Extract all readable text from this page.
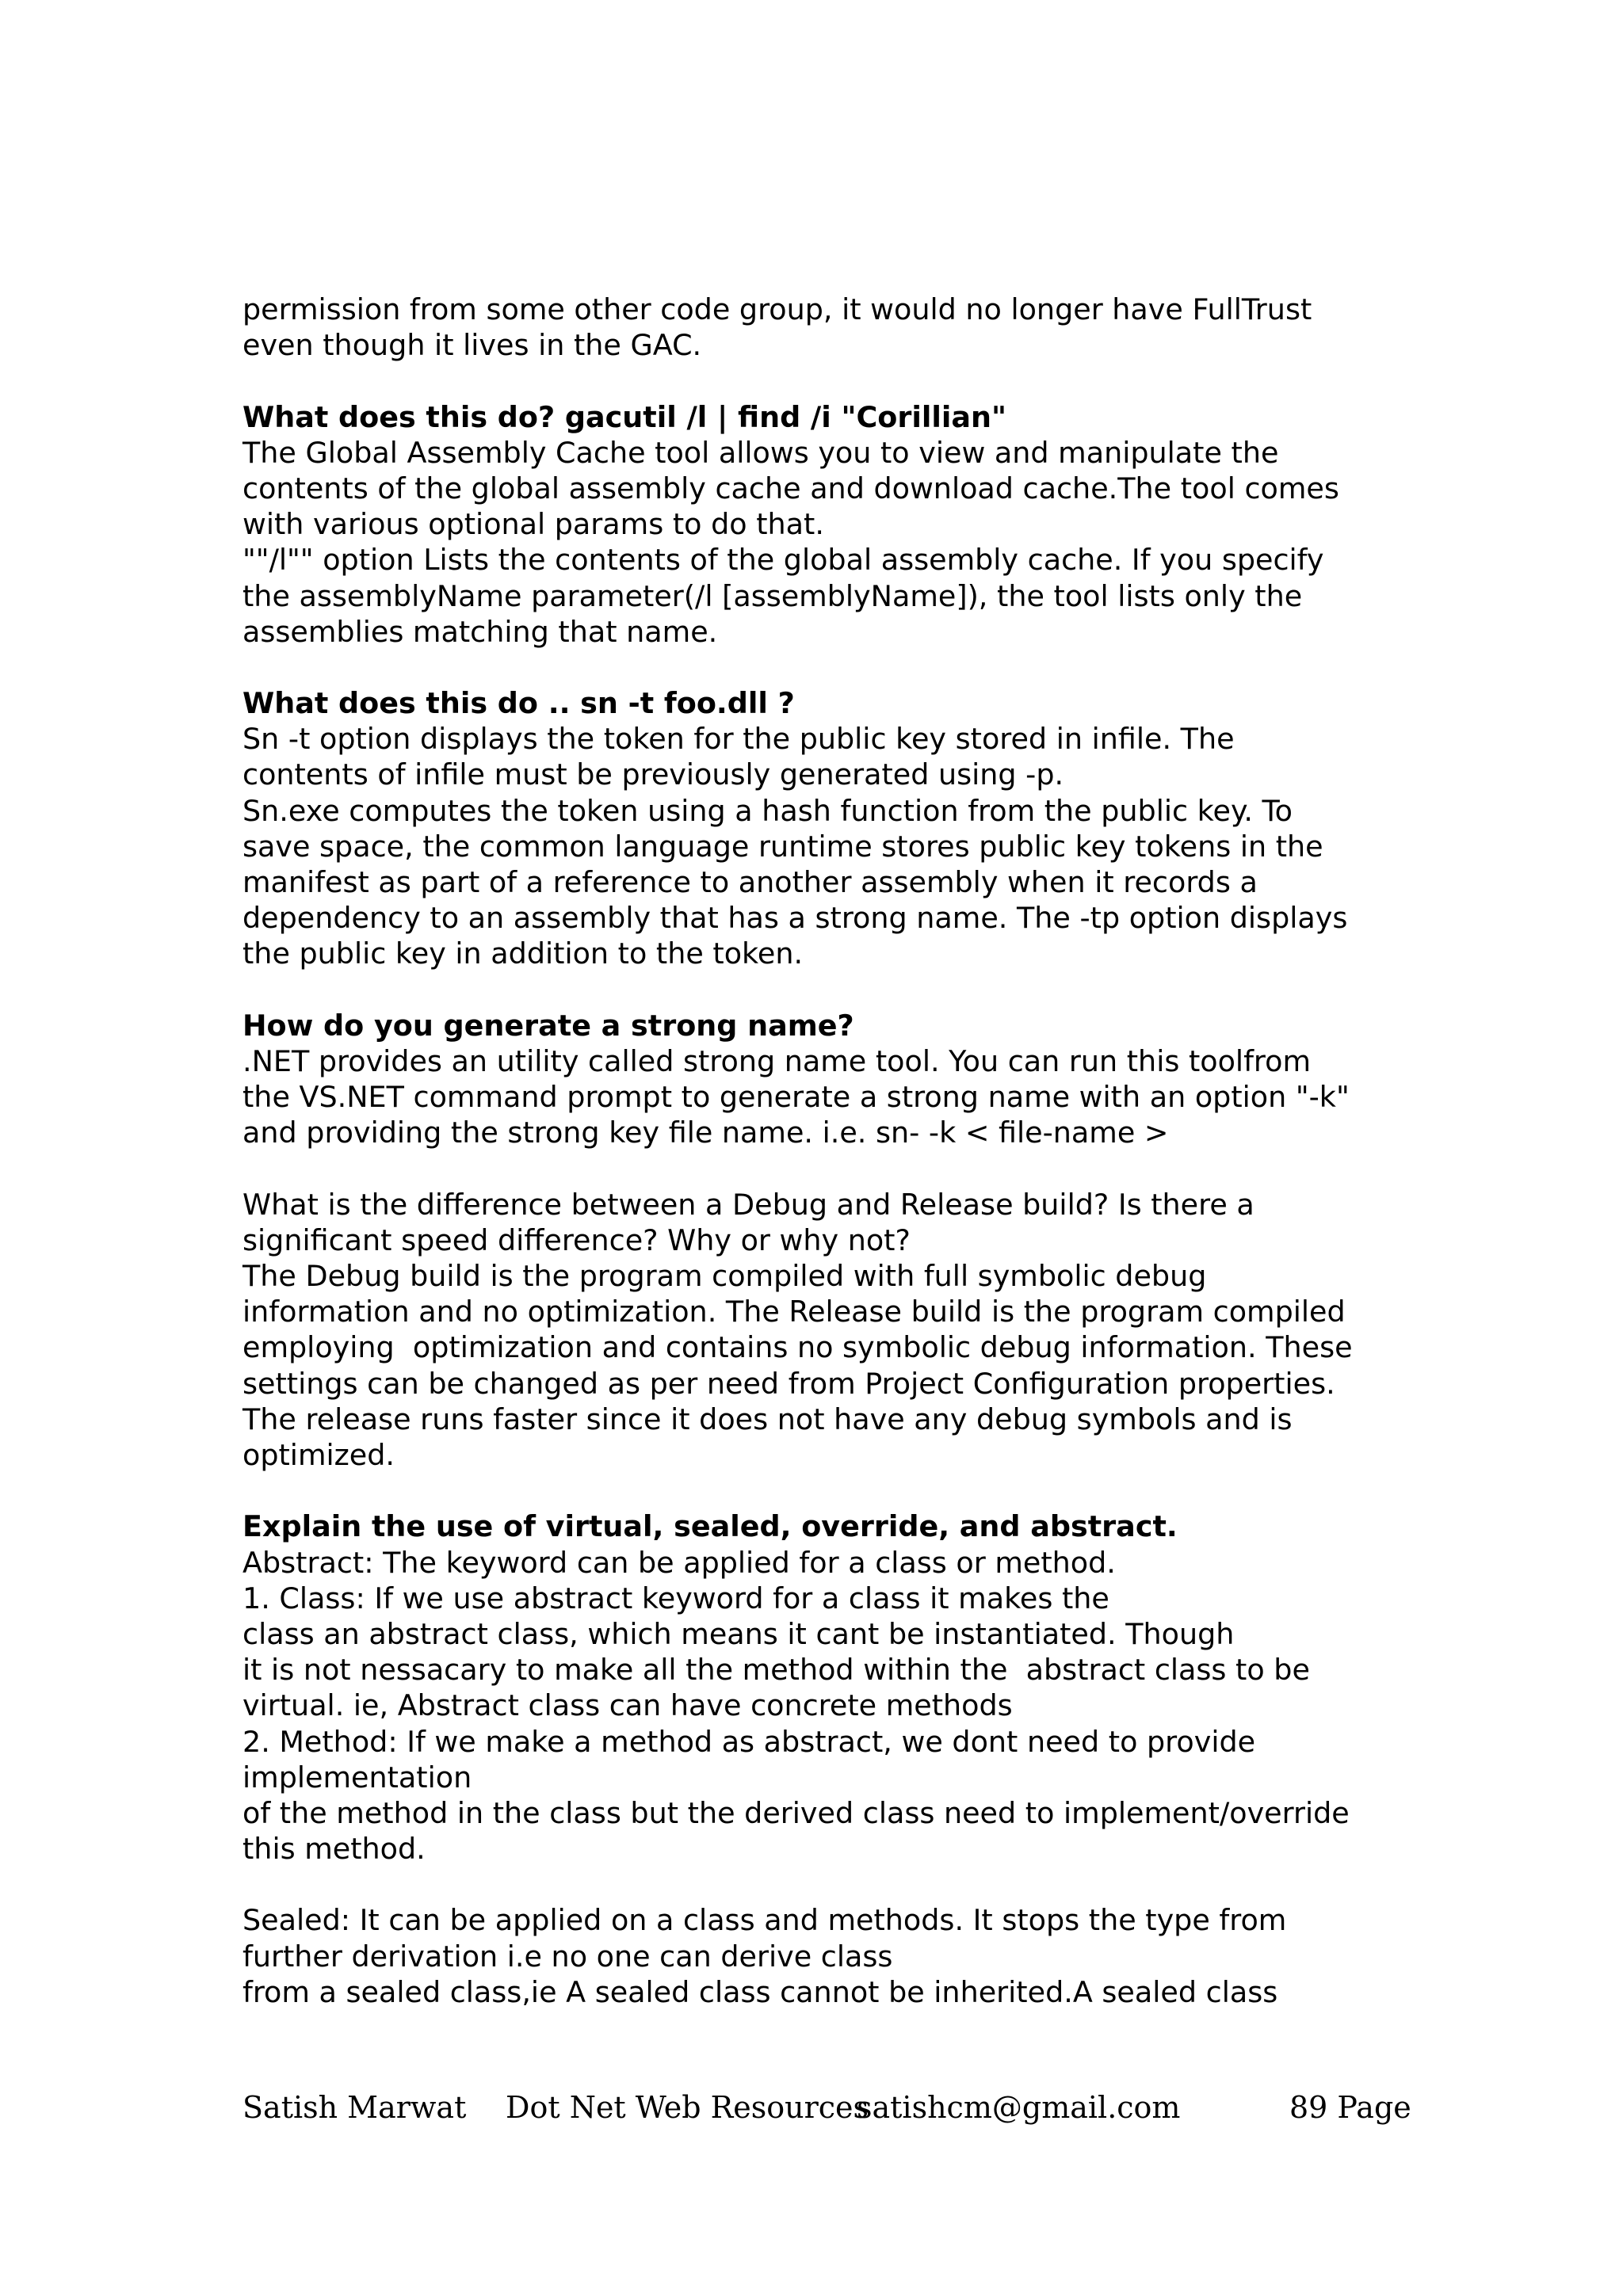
permission from some other code group, it would no longer have FullTrust
even though it lives in the GAC.
What does this do? gacutil /l | find /i "Corillian"
The Global Assembly Cache tool allows you to view and manipulate the
contents of the global assembly cache and download cache.The tool comes
with various optional params to do that.
""/l"" option Lists the contents of the global assembly cache. If you specify
the assemblyName parameter(/l [assemblyName]), the tool lists only the
assemblies matching that name.
What does this do .. sn -t foo.dll ?
Sn -t option displays the token for the public key stored in infile. The
contents of infile must be previously generated using -p.
Sn.exe computes the token using a hash function from the public key. To
save space, the common language runtime stores public key tokens in the
manifest as part of a reference to another assembly when it records a
dependency to an assembly that has a strong name. The -tp option displays
the public key in addition to the token.
How do you generate a strong name?
.NET provides an utility called strong name tool. You can run this toolfrom
the VS.NET command prompt to generate a strong name with an option "-k"
and providing the strong key file name. i.e. sn- -k < file-name >
What is the difference between a Debug and Release build? Is there a
significant speed difference? Why or why not?
The Debug build is the program compiled with full symbolic debug
information and no optimization. The Release build is the program compiled
employing  optimization and contains no symbolic debug information. These
settings can be changed as per need from Project Configuration properties.
The release runs faster since it does not have any debug symbols and is
optimized.
Explain the use of virtual, sealed, override, and abstract.
Abstract: The keyword can be applied for a class or method.
1. Class: If we use abstract keyword for a class it makes the
class an abstract class, which means it cant be instantiated. Though
it is not nessacary to make all the method within the  abstract class to be
virtual. ie, Abstract class can have concrete methods
2. Method: If we make a method as abstract, we dont need to provide
implementation
of the method in the class but the derived class need to implement/override
this method.
Sealed: It can be applied on a class and methods. It stops the type from
further derivation i.e no one can derive class
from a sealed class,ie A sealed class cannot be inherited.A sealed class
Satish Marwat Dot Net Web Resources
satishcm@gmail.com	89 Page
